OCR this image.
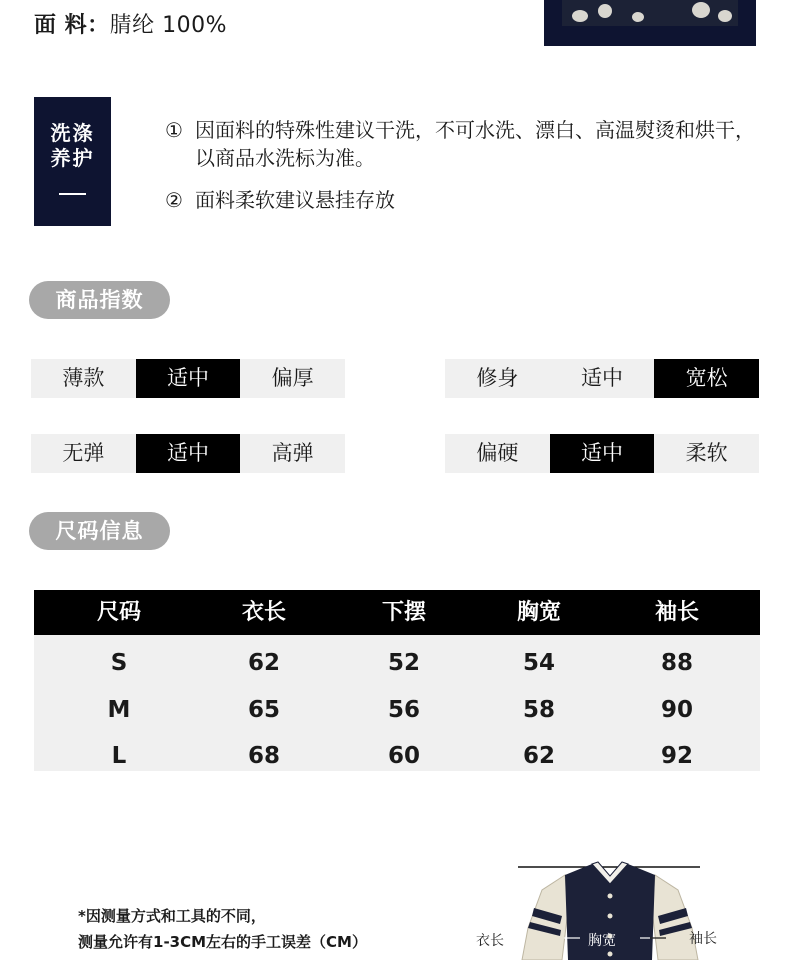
面 料：腈纶 100%
洗涤
养护
① 因面料的特殊性建议干洗，不可水洗、漂白、高温熨烫和烘干，以商品水洗标为准。
② 面料柔软建议悬挂存放
商品指数
薄款	适中	偏厚	修身	适中	宽松
无弹	适中	高弹	偏硬	适中	柔软
尺码信息
尺码	衣长	下摆	胸宽	袖长
S	62	52	54	88
M	65	56	58	90
L	68	60	62	92
*因测量方式和工具的不同，
测量允许有1-3CM左右的手工误差（CM）	衣长	胸宽	袖长
